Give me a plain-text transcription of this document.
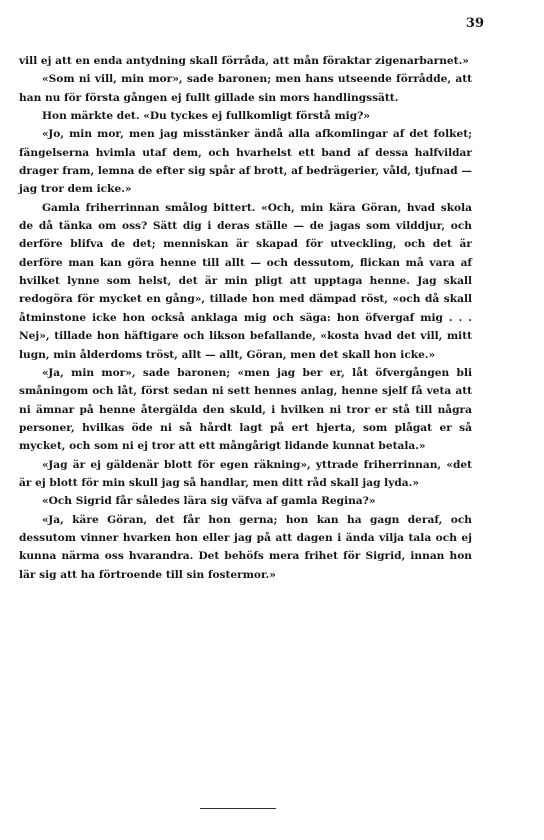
39

vill ej att en enda antydning skall förråda, att mån föraktar zigenarbarnet.»

«Som ni vill, min mor», sade baronen; men hans utseende förrådde, att han nu för första gången ej fullt gillade sin mors handlingssätt.

Hon märkte det. «Du tyckes ej fullkomligt förstå mig?»

«Jo, min mor, men jag misstänker ändå alla afkomlingar af det folket; fängelserna hvimla utaf dem, och hvarhelst ett band af dessa halfvildar drager fram, lemna de efter sig spår af brott, af bedrägerier, våld, tjufnad — jag tror dem icke.»

Gamla friherrinnan smålog bittert. «Och, min kära Göran, hvad skola de då tänka om oss? Sätt dig i deras ställe — de jagas som vilddjur, och derföre blifva de det; menniskan är skapad för utveckling, och det är derföre man kan göra henne till allt — och dessutom, flickan må vara af hvilket lynne som helst, det är min pligt att upptaga henne. Jag skall redogöra för mycket en gång», tillade hon med dämpad röst, «och då skall åtminstone icke hon också anklaga mig och säga: hon öfvergaf mig . . . Nej», tillade hon häftigare och likson befallande, «kosta hvad det vill, mitt lugn, min ålderdoms tröst, allt — allt, Göran, men det skall hon icke.»

«Ja, min mor», sade baronen; «men jag ber er, låt öfvergången bli småningom och låt, först sedan ni sett hennes anlag, henne sjelf få veta att ni ämnar på henne återgälda den skuld, i hvilken ni tror er stå till några personer, hvilkas öde ni så hårdt lagt på ert hjerta, som plågat er så mycket, och som ni ej tror att ett mångårigt lidande kunnat betala.»

«Jag är ej gäldenär blott för egen räkning», yttrade friherrinnan, «det är ej blott för min skull jag så handlar, men ditt råd skall jag lyda.»

«Och Sigrid får således lära sig väfva af gamla Regina?»

«Ja, käre Göran, det får hon gerna; hon kan ha gagn deraf, och dessutom vinner hvarken hon eller jag på att dagen i ända vilja tala och ej kunna närma oss hvarandra. Det behöfs mera frihet för Sigrid, innan hon lär sig att ha förtroende till sin fostermor.»
